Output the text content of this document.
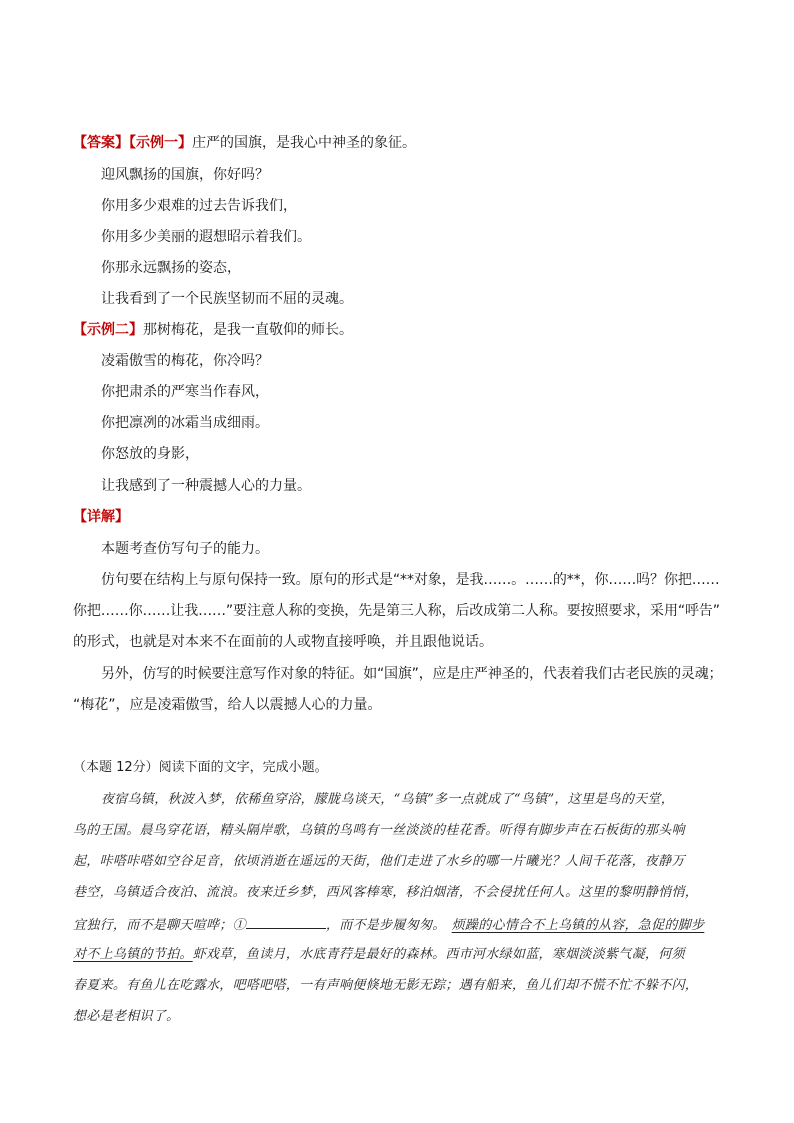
【答案】【示例一】庄严的国旗，是我心中神圣的象征。
迎风飘扬的国旗，你好吗？
你用多少艰难的过去告诉我们，
你用多少美丽的遐想昭示着我们。
你那永远飘扬的姿态，
让我看到了一个民族坚韧而不屈的灵魂。
【示例二】那树梅花，是我一直敬仰的师长。
凌霜傲雪的梅花，你冷吗？
你把肃杀的严寒当作春风，
你把凛冽的冰霜当成细雨。
你怒放的身影，
让我感到了一种震撼人心的力量。
【详解】
本题考查仿写句子的能力。
仿句要在结构上与原句保持一致。原句的形式是“**对象，是我……。……的**，你……吗？你把……
你把……你……让我……”要注意人称的变换，先是第三人称，后改成第二人称。要按照要求，采用“呼告”
的形式，也就是对本来不在面前的人或物直接呼唤，并且跟他说话。
另外，仿写的时候要注意写作对象的特征。如“国旗”，应是庄严神圣的，代表着我们古老民族的灵魂；
“梅花”，应是凌霜傲雪，给人以震撼人心的力量。
（本题 12分）阅读下面的文字，完成小题。
夜宿乌镇，秋波入梦，依稀鱼穿浴，朦胧乌谈天，“乌镇”多一点就成了“鸟镇”，这里是鸟的天堂，
鸟的王国。晨鸟穿花语，精头隔岸歌，乌镇的鸟鸣有一丝淡淡的桂花香。听得有脚步声在石板街的那头响
起，咔嗒咔嗒如空谷足音，依顷消逝在遥远的天街，他们走进了水乡的哪一片曦光？人间千花落，夜静万
巷空，乌镇适合夜泊、流浪。夜来迁乡梦，西风客棒寒，移泊烟渚，不会侵扰任何人。这里的黎明静悄悄，
宜独行，而不是聊天喧哗；①	，而不是步履匆匆。 烦躁的心情合不上乌镇的从容，急促的脚步
对不上乌镇的节拍。虾戏草，鱼读月，水底青荇是最好的森林。西市河水绿如蓝，寒烟淡淡紫气凝，何须
春夏来。有鱼儿在吃露水，吧嗒吧嗒，一有声响便倏地无影无踪；遇有船来，鱼儿们却不慌不忙不躲不闪，
想必是老相识了。
